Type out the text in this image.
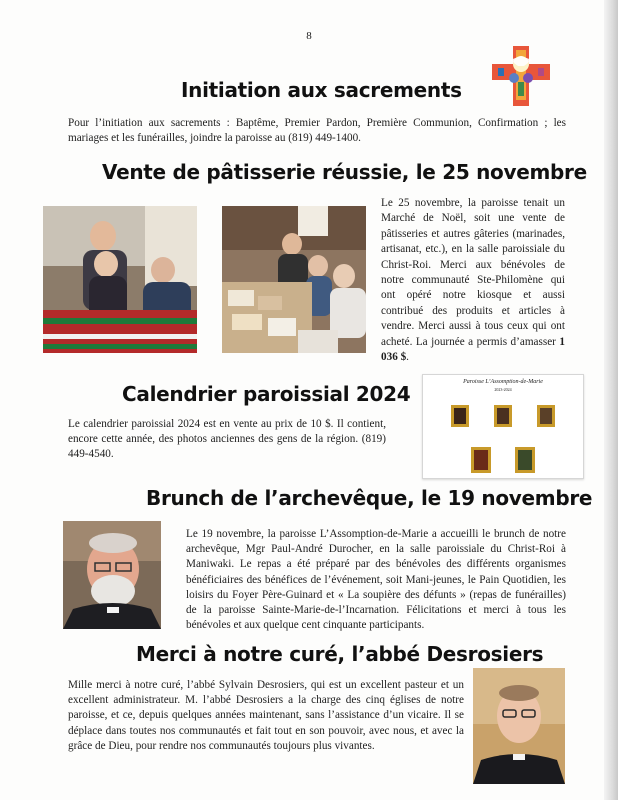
8
Initiation aux sacrements
Pour l’initiation aux sacrements : Baptême, Premier Pardon, Première Communion, Confirmation ; les mariages et les funérailles, joindre la paroisse au (819) 449-1400.
Vente de pâtisserie réussie, le 25 novembre
Le 25 novembre, la paroisse tenait un Marché de Noël, soit une vente de pâtisseries et autres gâteries (marinades, artisanat, etc.), en la salle paroissiale du Christ-Roi. Merci aux bénévoles de notre communauté Ste-Philomène qui ont opéré notre kiosque et aussi contribué des produits et articles à vendre. Merci aussi à tous ceux qui ont acheté. La journée a permis d’amasser 1 036 $.
Calendrier paroissial 2024
Le calendrier paroissial 2024 est en vente au prix de 10 $. Il contient, encore cette année, des photos anciennes des gens de la région. (819) 449-4540.
Paroisse L’Assomption-de-Marie
2023-2024
Brunch de l’archevêque, le 19 novembre
Le 19 novembre, la paroisse L’Assomption-de-Marie a accueilli le brunch de notre archevêque, Mgr Paul-André Durocher, en la salle paroissiale du Christ-Roi à Maniwaki. Le repas a été préparé par des bénévoles des différents organismes bénéficiaires des bénéfices de l’événement, soit Mani-jeunes, le Pain Quotidien, les loisirs du Foyer Père-Guinard et « La soupière des défunts » (repas de funérailles) de la paroisse Sainte-Marie-de-l’Incarnation. Félicitations et merci à tous les bénévoles et aux quelque cent cinquante participants.
Merci à notre curé, l’abbé Desrosiers
Mille merci à notre curé, l’abbé Sylvain Desrosiers, qui est un excellent pasteur et un excellent administrateur. M. l’abbé Desrosiers a la charge des cinq églises de notre paroisse, et ce, depuis quelques années maintenant, sans l’assistance d’un vicaire. Il se déplace dans toutes nos communautés et fait tout en son pouvoir, avec nous, et avec la grâce de Dieu, pour rendre nos communautés toujours plus vivantes.
